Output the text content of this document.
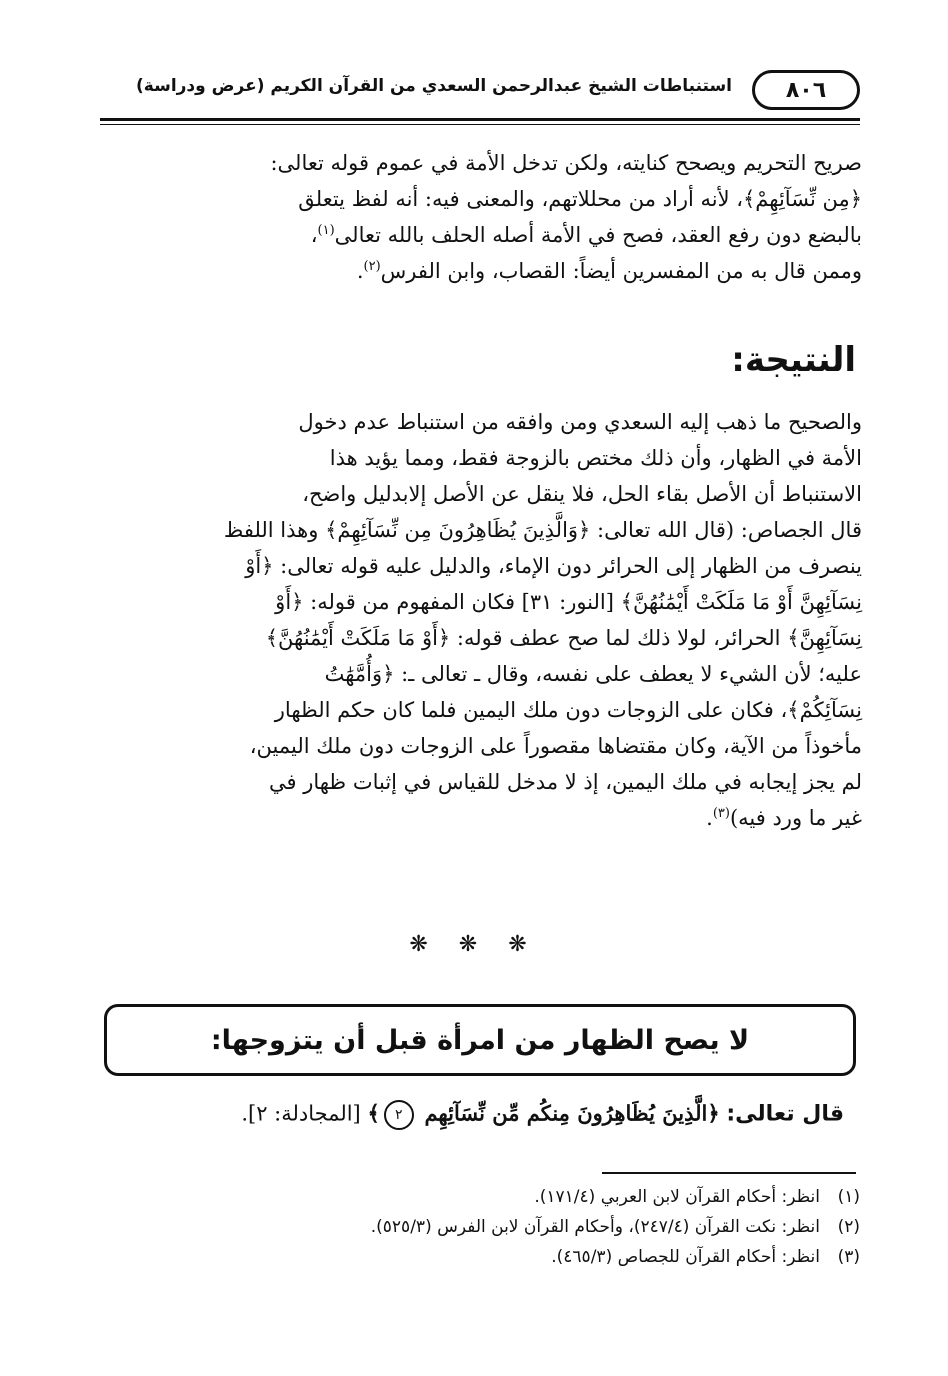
٨٠٦
استنباطات الشيخ عبدالرحمن السعدي من القرآن الكريم (عرض ودراسة)
صريح التحريم ويصحح كنايته، ولكن تدخل الأمة في عموم قوله تعالى:
﴿مِن نِّسَآئِهِمْ﴾، لأنه أراد من محللاتهم، والمعنى فيه: أنه لفظ يتعلق
بالبضع دون رفع العقد، فصح في الأمة أصله الحلف بالله تعالى$^{(١)}$،
وممن قال به من المفسرين أيضاً: القصاب، وابن الفرس$^{(٢)}$.
النتيجة:
والصحيح ما ذهب إليه السعدي ومن وافقه من استنباط عدم دخول
الأمة في الظهار، وأن ذلك مختص بالزوجة فقط، ومما يؤيد هذا
الاستنباط أن الأصل بقاء الحل، فلا ينقل عن الأصل إلابدليل واضح،
قال الجصاص: (قال الله تعالى: ﴿وَالَّذِينَ يُظَاهِرُونَ مِن نِّسَآئِهِمْ﴾ وهذا اللفظ
ينصرف من الظهار إلى الحرائر دون الإماء، والدليل عليه قوله تعالى: ﴿أَوْ
نِسَآئِهِنَّ أَوْ مَا مَلَكَتْ أَيْمَٰنُهُنَّ﴾ [النور: ٣١] فكان المفهوم من قوله: ﴿أَوْ
نِسَآئِهِنَّ﴾ الحرائر، لولا ذلك لما صح عطف قوله: ﴿أَوْ مَا مَلَكَتْ أَيْمَٰنُهُنَّ﴾
عليه؛ لأن الشيء لا يعطف على نفسه، وقال ـ تعالى ـ: ﴿وَأُمَّهَٰتُ
نِسَآئِكُمْ﴾، فكان على الزوجات دون ملك اليمين فلما كان حكم الظهار
مأخوذاً من الآية، وكان مقتضاها مقصوراً على الزوجات دون ملك اليمين،
لم يجز إيجابه في ملك اليمين، إذ لا مدخل للقياس في إثبات ظهار في
غير ما ورد فيه)$^{(٣)}$.
❋ ❋ ❋
لا يصح الظهار من امرأة قبل أن يتزوجها:
قال تعالى: ﴿الَّذِينَ يُظَاهِرُونَ مِنكُم مِّن نِّسَآئِهِم ٢﴾ [المجادلة: ٢].
(١)انظر: أحكام القرآن لابن العربي (١٧١/٤).
(٢)انظر: نكت القرآن (٢٤٧/٤)، وأحكام القرآن لابن الفرس (٥٢٥/٣).
(٣)انظر: أحكام القرآن للجصاص (٤٦٥/٣).
